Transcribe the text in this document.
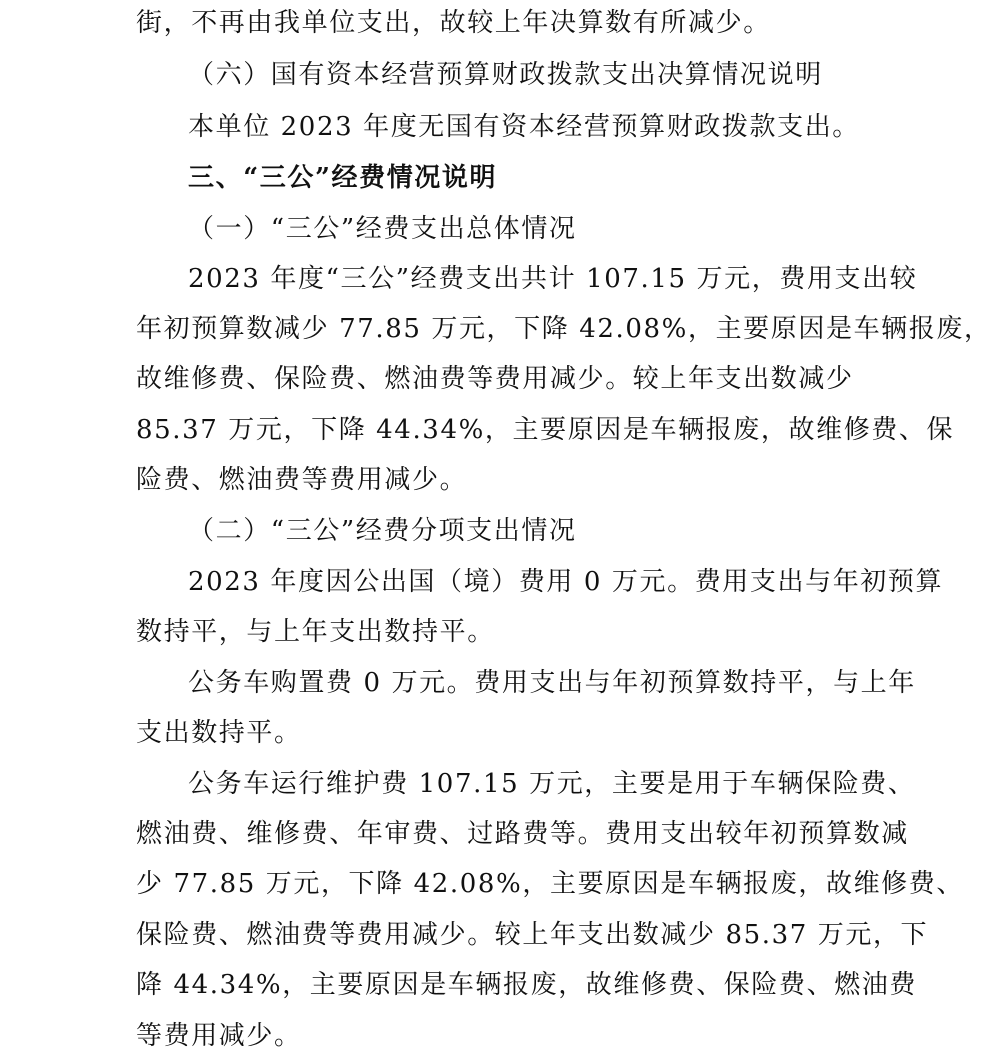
街，不再由我单位支出，故较上年决算数有所减少。
（六）国有资本经营预算财政拨款支出决算情况说明
本单位 2023 年度无国有资本经营预算财政拨款支出。
三、“三公”经费情况说明
（一）“三公”经费支出总体情况
2023 年度“三公”经费支出共计 107.15 万元，费用支出较
年初预算数减少 77.85 万元，下降 42.08%，主要原因是车辆报废，
故维修费、保险费、燃油费等费用减少。较上年支出数减少
85.37 万元，下降 44.34%，主要原因是车辆报废，故维修费、保
险费、燃油费等费用减少。
（二）“三公”经费分项支出情况
2023 年度因公出国（境）费用 0 万元。费用支出与年初预算
数持平，与上年支出数持平。
公务车购置费 0 万元。费用支出与年初预算数持平，与上年
支出数持平。
公务车运行维护费 107.15 万元，主要是用于车辆保险费、
燃油费、维修费、年审费、过路费等。费用支出较年初预算数减
少 77.85 万元，下降 42.08%，主要原因是车辆报废，故维修费、
保险费、燃油费等费用减少。较上年支出数减少 85.37 万元，下
降 44.34%，主要原因是车辆报废，故维修费、保险费、燃油费
等费用减少。
